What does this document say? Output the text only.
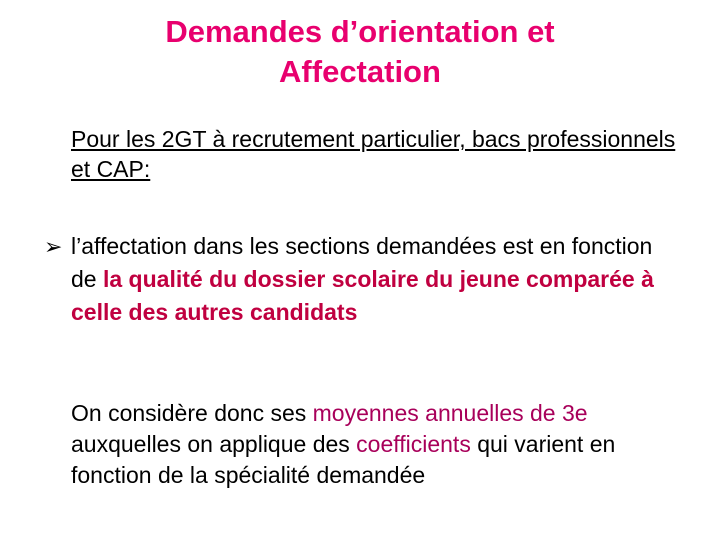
Demandes d’orientation et
Affectation
Pour les 2GT à recrutement particulier, bacs professionnels et CAP:
➢ l’affectation dans les sections demandées est en fonction de la qualité du dossier scolaire du jeune comparée à celle des autres candidats
On considère donc ses moyennes annuelles de 3e auxquelles on applique des coefficients qui varient en fonction de la spécialité demandée
